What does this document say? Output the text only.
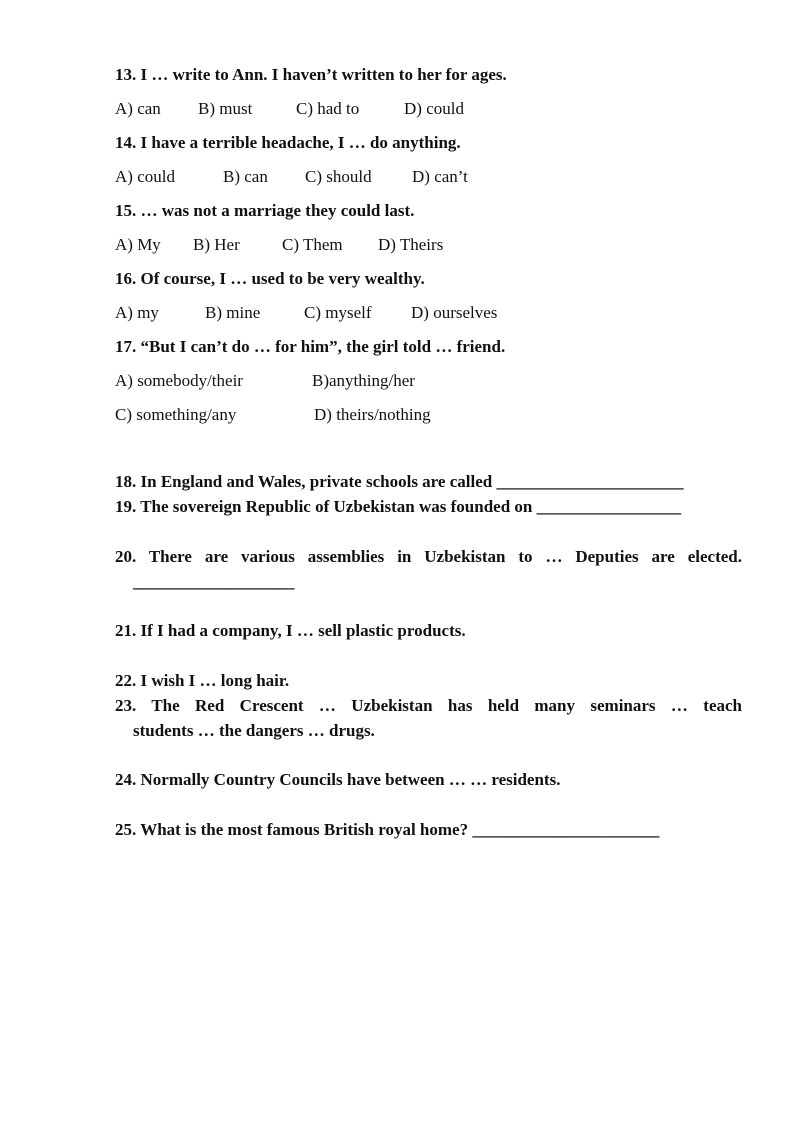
13. I … write to Ann. I haven’t written to her for ages.
A) can B) must	C) had to	D) could
14. I have a terrible headache, I … do anything.
A) could	B) can C) should D) can’t
15. … was not a marriage they could last.
A) My B) Her C) Them D) Theirs
16. Of course, I … used to be very wealthy.
A) my	B) mine	C) myself D) ourselves
17. “But I can’t do … for him”, the girl told … friend.
A) somebody/their	B)anything/her
C) something/any	D) theirs/nothing
18. In England and Wales, private schools are called ______________________
19. The sovereign Republic of Uzbekistan was founded on _________________
20. There are various assemblies in Uzbekistan to … Deputies are elected.
___________________
21. If I had a company, I … sell plastic products.
22. I wish I … long hair.
23. The Red Crescent … Uzbekistan has held many seminars … teach
students … the dangers … drugs.
24. Normally Country Councils have between … … residents.
25. What is the most famous British royal home? ______________________
